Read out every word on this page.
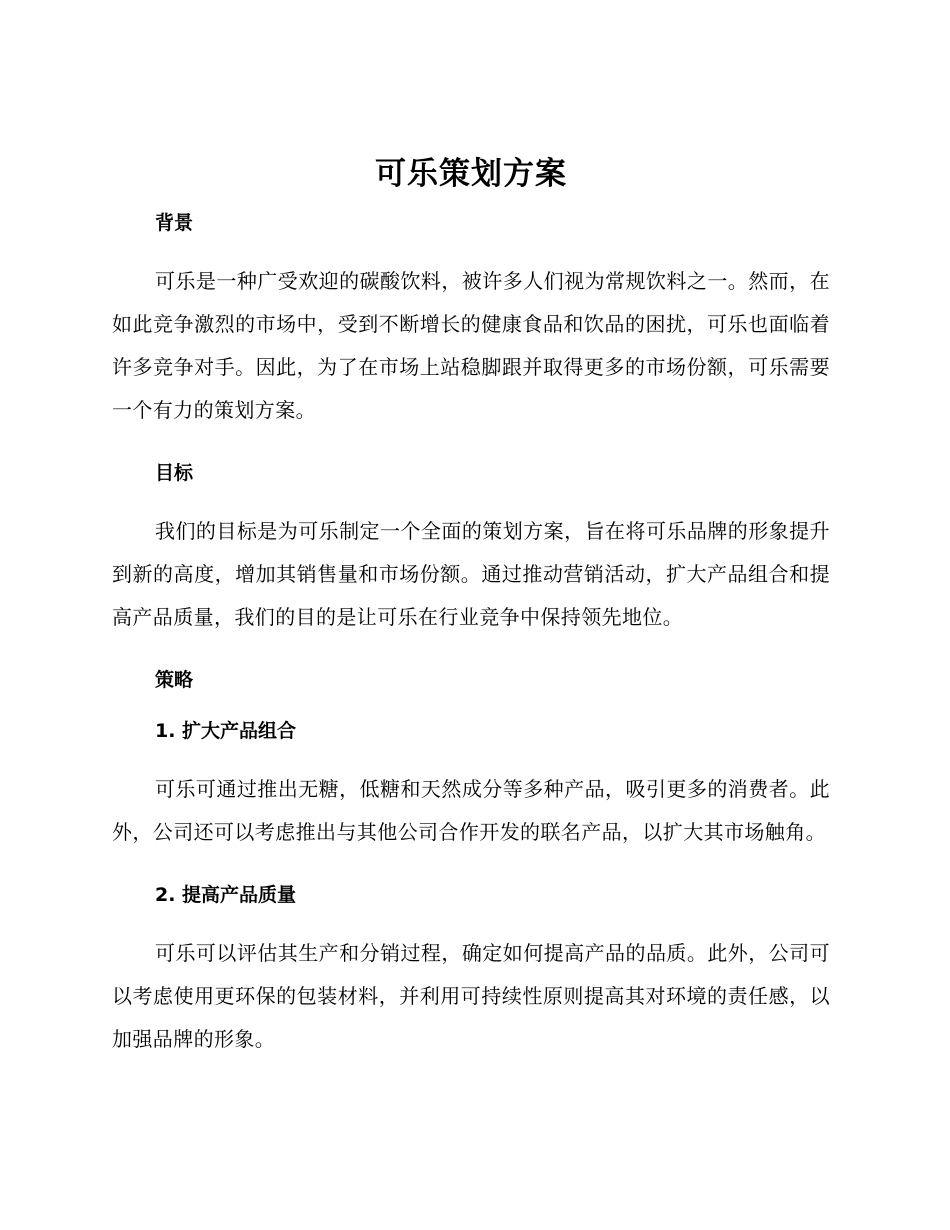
可乐策划方案
背景

可乐是一种广受欢迎的碳酸饮料，被许多人们视为常规饮料之一。然而，在如此竞争激烈的市场中，受到不断增长的健康食品和饮品的困扰，可乐也面临着许多竞争对手。因此，为了在市场上站稳脚跟并取得更多的市场份额，可乐需要一个有力的策划方案。

目标

我们的目标是为可乐制定一个全面的策划方案，旨在将可乐品牌的形象提升到新的高度，增加其销售量和市场份额。通过推动营销活动，扩大产品组合和提高产品质量，我们的目的是让可乐在行业竞争中保持领先地位。

策略
1. 扩大产品组合

可乐可通过推出无糖，低糖和天然成分等多种产品，吸引更多的消费者。此外，公司还可以考虑推出与其他公司合作开发的联名产品，以扩大其市场触角。

2. 提高产品质量

可乐可以评估其生产和分销过程，确定如何提高产品的品质。此外，公司可以考虑使用更环保的包装材料，并利用可持续性原则提高其对环境的责任感，以加强品牌的形象。
